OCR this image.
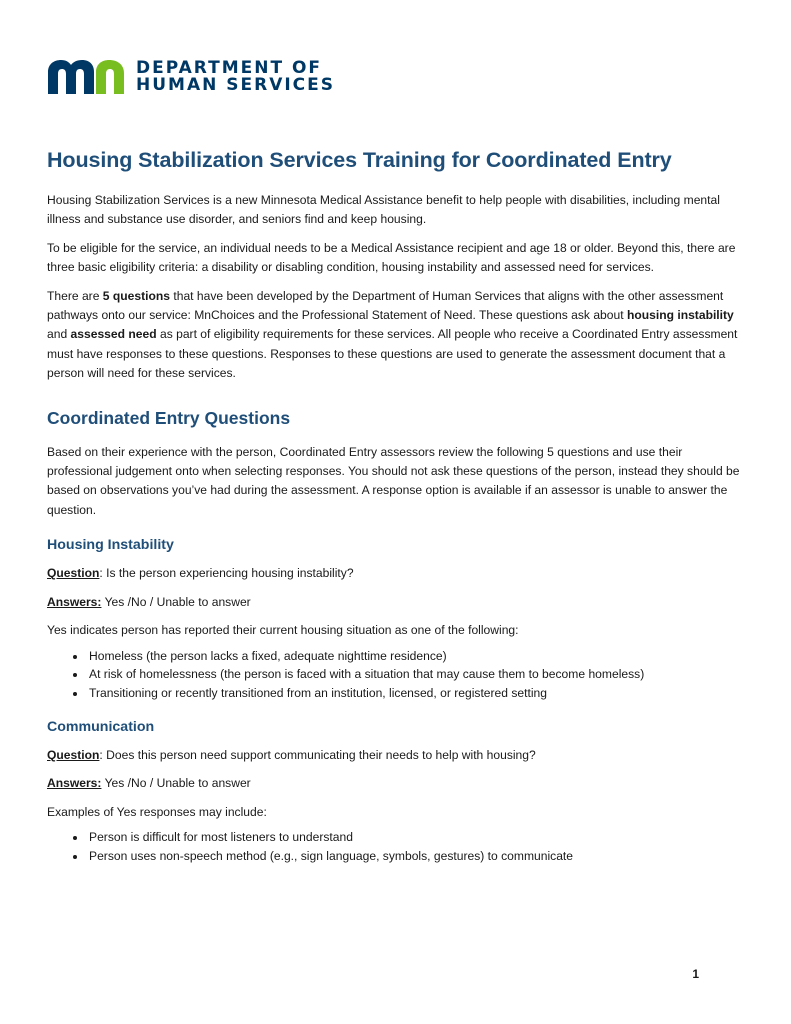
DEPARTMENT OF
HUMAN SERVICES
Housing Stabilization Services Training for Coordinated Entry

Housing Stabilization Services is a new Minnesota Medical Assistance benefit to help people with disabilities, including mental illness and substance use disorder, and seniors find and keep housing.

To be eligible for the service, an individual needs to be a Medical Assistance recipient and age 18 or older. Beyond this, there are three basic eligibility criteria: a disability or disabling condition, housing instability and assessed need for services.

There are 5 questions that have been developed by the Department of Human Services that aligns with the other assessment pathways onto our service: MnChoices and the Professional Statement of Need. These questions ask about housing instability and assessed need as part of eligibility requirements for these services. All people who receive a Coordinated Entry assessment must have responses to these questions. Responses to these questions are used to generate the assessment document that a person will need for these services.

Coordinated Entry Questions

Based on their experience with the person, Coordinated Entry assessors review the following 5 questions and use their professional judgement onto when selecting responses. You should not ask these questions of the person, instead they should be based on observations you’ve had during the assessment. A response option is available if an assessor is unable to answer the question.

Housing Instability

Question: Is the person experiencing housing instability?

Answers: Yes /No / Unable to answer

Yes indicates person has reported their current housing situation as one of the following:

• Homeless (the person lacks a fixed, adequate nighttime residence)
• At risk of homelessness (the person is faced with a situation that may cause them to become homeless)
• Transitioning or recently transitioned from an institution, licensed, or registered setting
Communication

Question: Does this person need support communicating their needs to help with housing?

Answers: Yes /No / Unable to answer

Examples of Yes responses may include:

• Person is difficult for most listeners to understand
• Person uses non-speech method (e.g., sign language, symbols, gestures) to communicate
1
